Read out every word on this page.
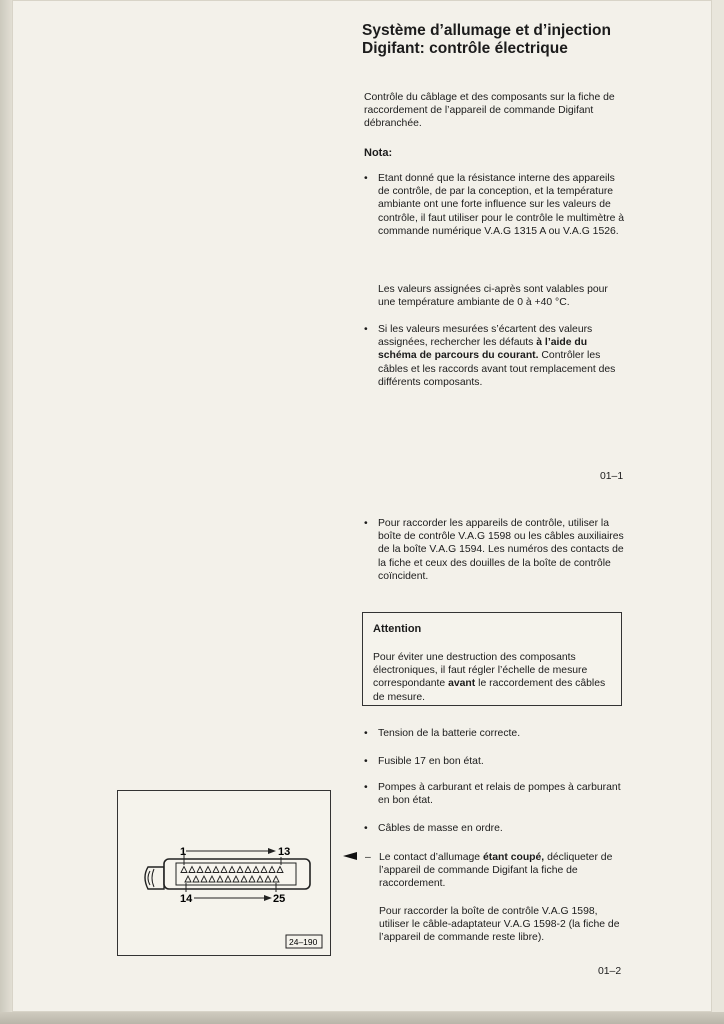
Système d’allumage et d’injection Digifant: contrôle électrique

Contrôle du câblage et des composants sur la fiche de raccordement de l’appareil de commande Digifant débranchée.

Nota:

• Etant donné que la résistance interne des appareils de contrôle, de par la conception, et la température ambiante ont une forte influence sur les valeurs de contrôle, il faut utiliser pour le contrôle le multimètre à commande numérique V.A.G 1315 A ou V.A.G 1526.

Les valeurs assignées ci-après sont valables pour une température ambiante de 0 à +40 °C.

• Si les valeurs mesurées s’écartent des valeurs assignées, rechercher les défauts à l’aide du schéma de parcours du courant. Contrôler les câbles et les raccords avant tout remplacement des différents composants.

01–1
• Pour raccorder les appareils de contrôle, utiliser la boîte de contrôle V.A.G 1598 ou les câbles auxiliaires de la boîte V.A.G 1594. Les numéros des contacts de la fiche et ceux des douilles de la boîte de contrôle coïncident.

Attention

Pour éviter une destruction des composants électroniques, il faut régler l’échelle de mesure correspondante avant le raccordement des câbles de mesure.

• Tension de la batterie correcte.

• Fusible 17 en bon état.

• Pompes à carburant et relais de pompes à carburant en bon état.

• Câbles de masse en ordre.

– Le contact d’allumage étant coupé, décliqueter de l’appareil de commande Digifant la fiche de raccordement.

Pour raccorder la boîte de contrôle V.A.G 1598, utiliser le câble-adaptateur V.A.G 1598-2 (la fiche de l’appareil de commande reste libre).

01–2
1	13
14	25
24–190
